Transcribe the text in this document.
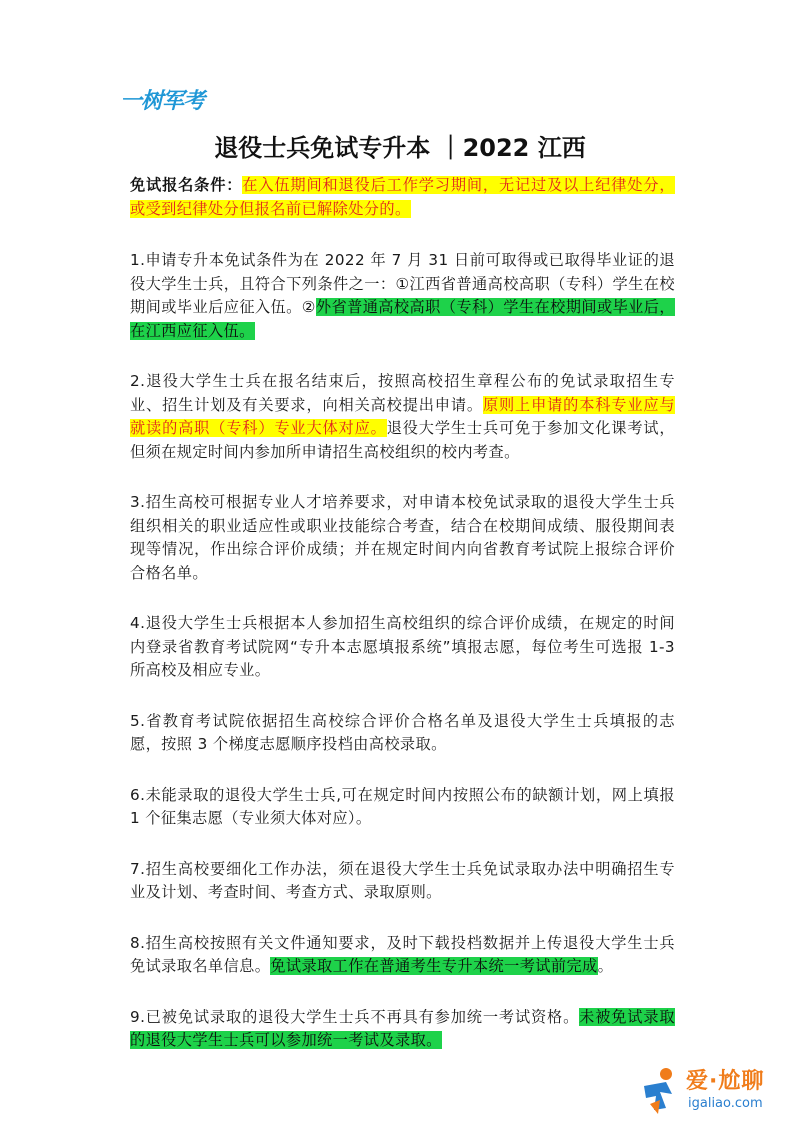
一树军考
退役士兵免试专升本 ｜2022 江西

免试报名条件：在入伍期间和退役后工作学习期间，无记过及以上纪律处分，或受到纪律处分但报名前已解除处分的。

1.申请专升本免试条件为在 2022 年 7 月 31 日前可取得或已取得毕业证的退役大学生士兵，且符合下列条件之一：①江西省普通高校高职（专科）学生在校期间或毕业后应征入伍。②外省普通高校高职（专科）学生在校期间或毕业后，在江西应征入伍。

2.退役大学生士兵在报名结束后，按照高校招生章程公布的免试录取招生专业、招生计划及有关要求，向相关高校提出申请。原则上申请的本科专业应与就读的高职（专科）专业大体对应。退役大学生士兵可免于参加文化课考试，但须在规定时间内参加所申请招生高校组织的校内考查。

3.招生高校可根据专业人才培养要求，对申请本校免试录取的退役大学生士兵组织相关的职业适应性或职业技能综合考查，结合在校期间成绩、服役期间表现等情况，作出综合评价成绩；并在规定时间内向省教育考试院上报综合评价合格名单。

4.退役大学生士兵根据本人参加招生高校组织的综合评价成绩，在规定的时间内登录省教育考试院网“专升本志愿填报系统”填报志愿，每位考生可选报 1-3 所高校及相应专业。

5.省教育考试院依据招生高校综合评价合格名单及退役大学生士兵填报的志愿，按照 3 个梯度志愿顺序投档由高校录取。

6.未能录取的退役大学生士兵,可在规定时间内按照公布的缺额计划，网上填报 1 个征集志愿（专业须大体对应）。

7.招生高校要细化工作办法，须在退役大学生士兵免试录取办法中明确招生专业及计划、考查时间、考查方式、录取原则。

8.招生高校按照有关文件通知要求，及时下载投档数据并上传退役大学生士兵免试录取名单信息。免试录取工作在普通考生专升本统一考试前完成。

9.已被免试录取的退役大学生士兵不再具有参加统一考试资格。未被免试录取的退役大学生士兵可以参加统一考试及录取。

爱·尬聊
igaliao.com
